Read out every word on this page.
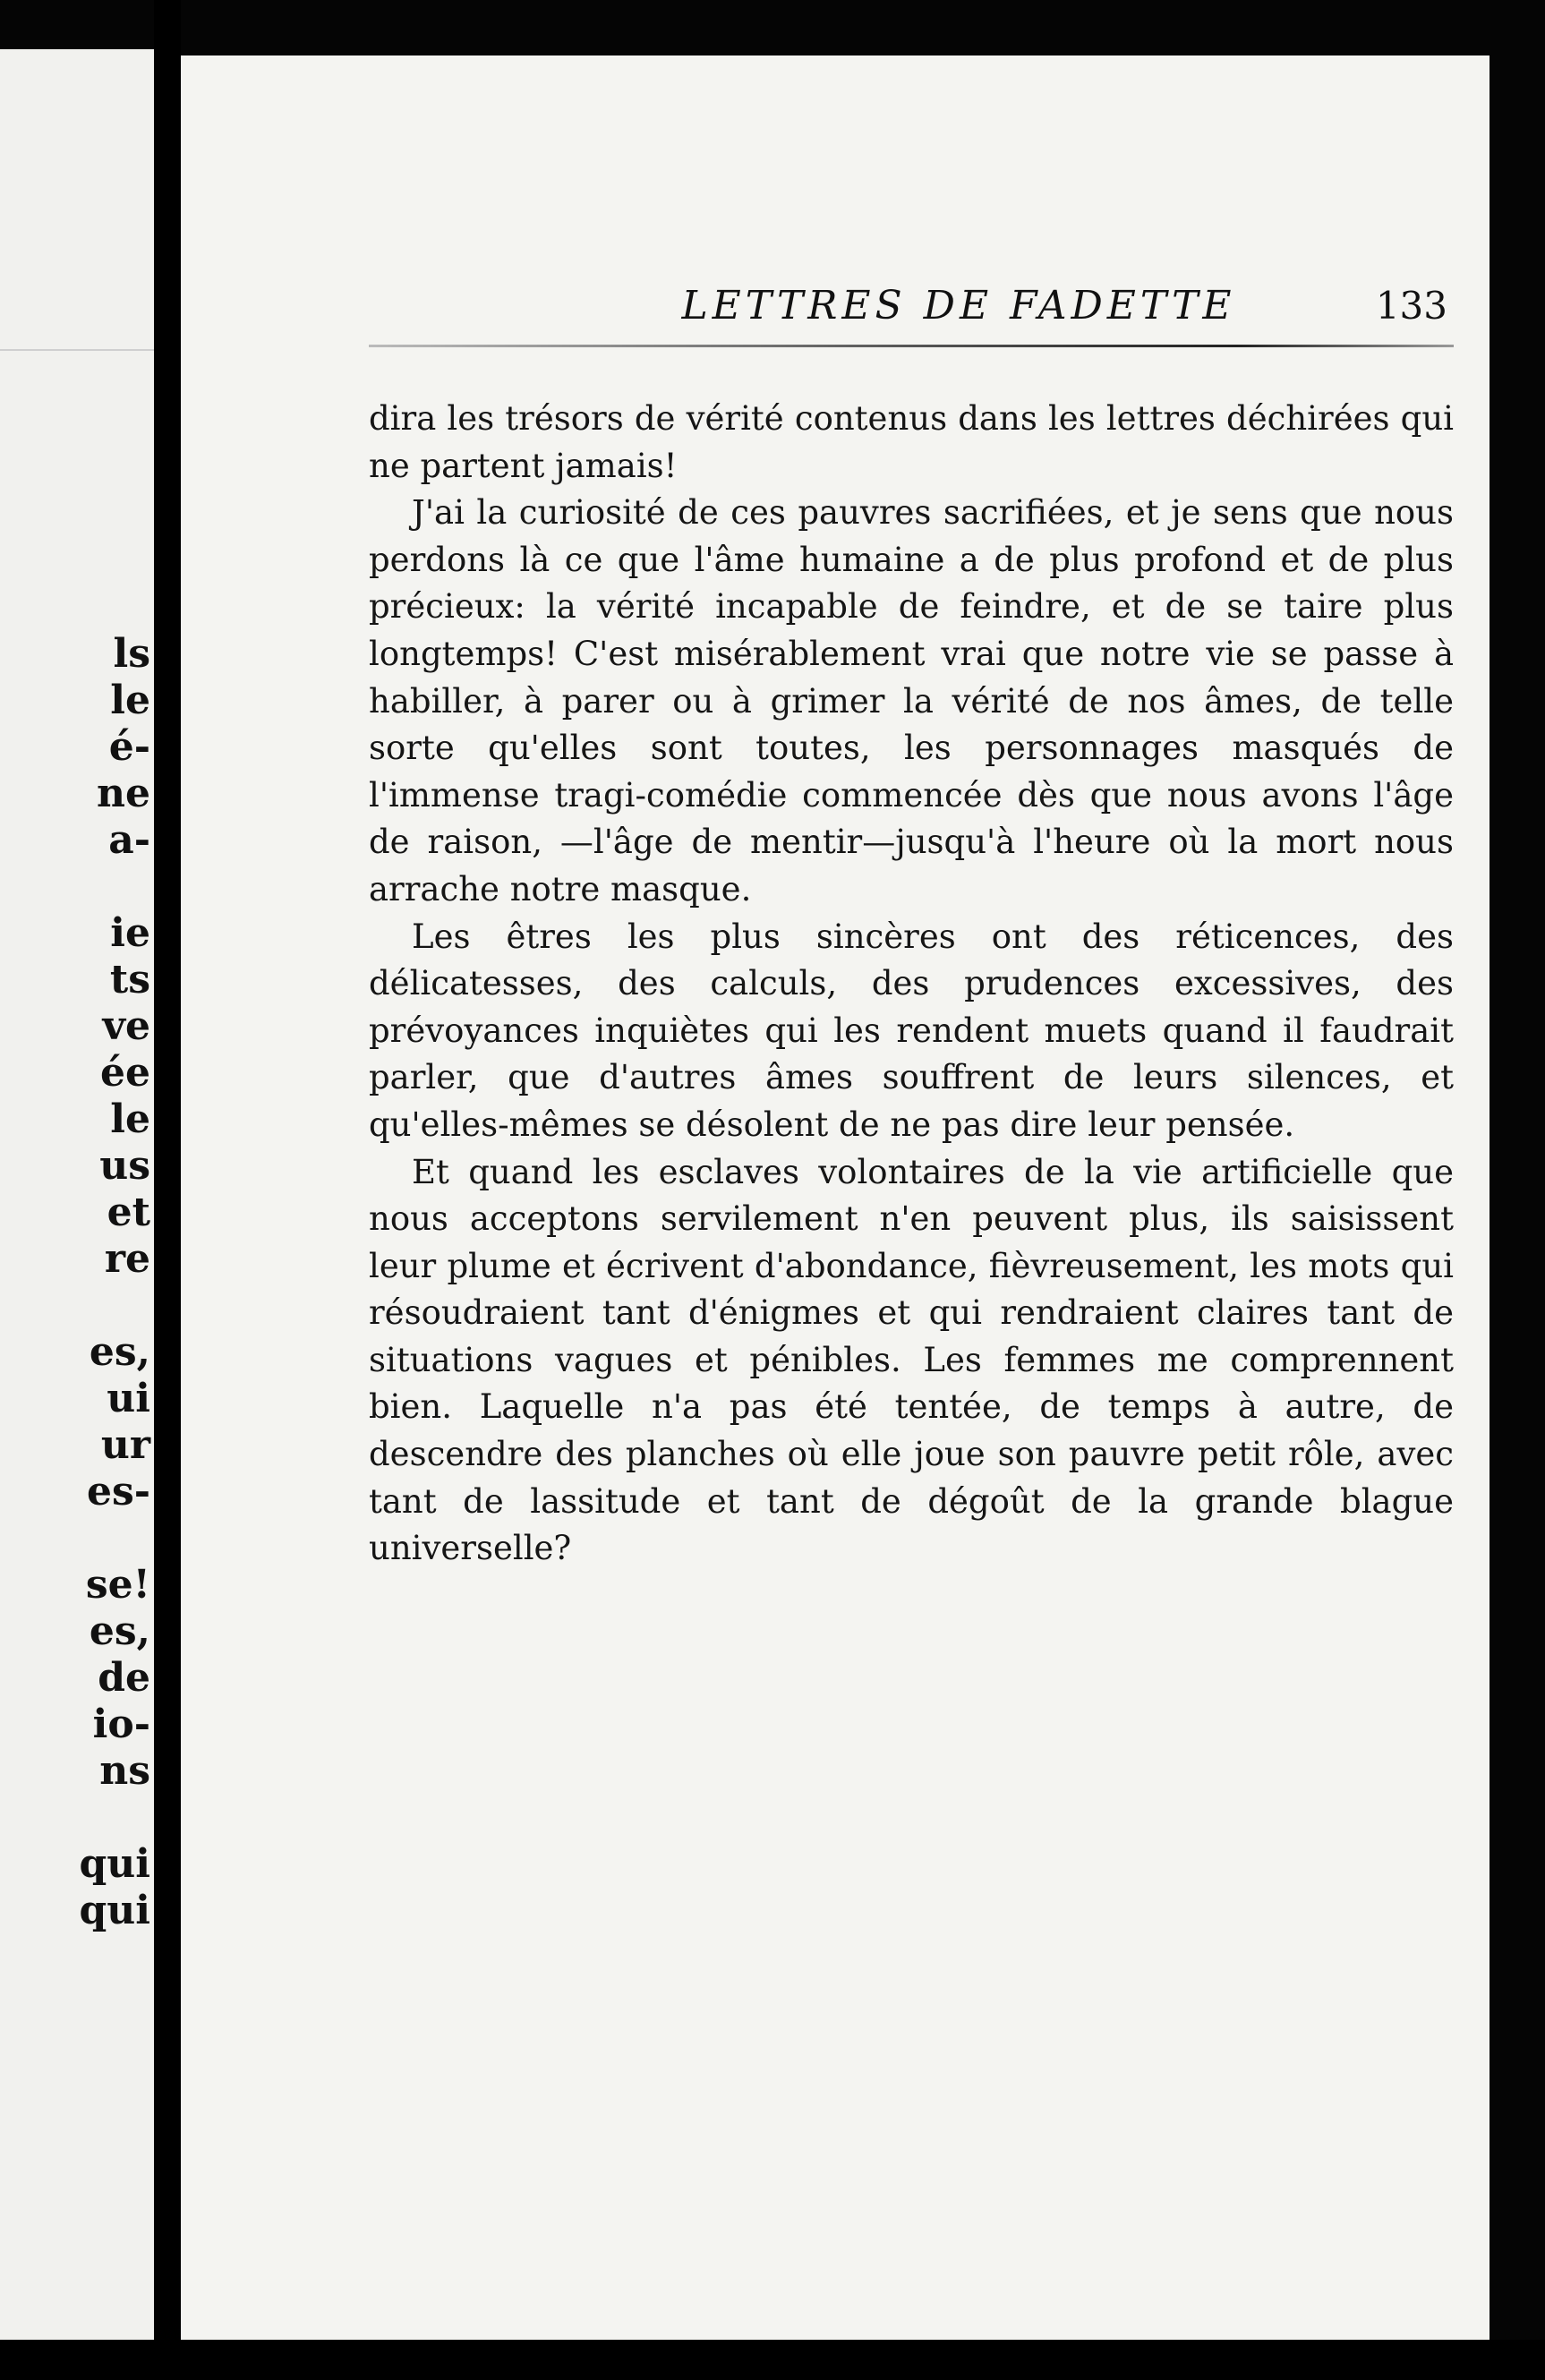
ls
le
é-
ne
a-
ie
ts
ve
ée
le
us
et
re
es,
ui
ur
es-
se!
es,
de
io-
ns
qui
qui
LETTRES DE FADETTE	133

dira les trésors de vérité contenus dans les lettres déchirées qui ne partent jamais!

J'ai la curiosité de ces pauvres sacrifiées, et je sens que nous perdons là ce que l'âme humaine a de plus profond et de plus précieux: la vérité incapable de feindre, et de se taire plus longtemps! C'est misérablement vrai que notre vie se passe à habiller, à parer ou à grimer la vérité de nos âmes, de telle sorte qu'elles sont toutes, les personnages masqués de l'immense tragi-comédie commencée dès que nous avons l'âge de raison, —l'âge de mentir—jusqu'à l'heure où la mort nous arrache notre masque.

Les êtres les plus sincères ont des réticences, des délicatesses, des calculs, des prudences excessives, des prévoyances inquiètes qui les rendent muets quand il faudrait parler, que d'autres âmes souffrent de leurs silences, et qu'elles-mêmes se désolent de ne pas dire leur pensée.

Et quand les esclaves volontaires de la vie artificielle que nous acceptons servilement n'en peuvent plus, ils saisissent leur plume et écrivent d'abondance, fièvreusement, les mots qui résoudraient tant d'énigmes et qui rendraient claires tant de situations vagues et pénibles. Les femmes me comprennent bien. Laquelle n'a pas été tentée, de temps à autre, de descendre des planches où elle joue son pauvre petit rôle, avec tant de lassitude et tant de dégoût de la grande blague universelle?
